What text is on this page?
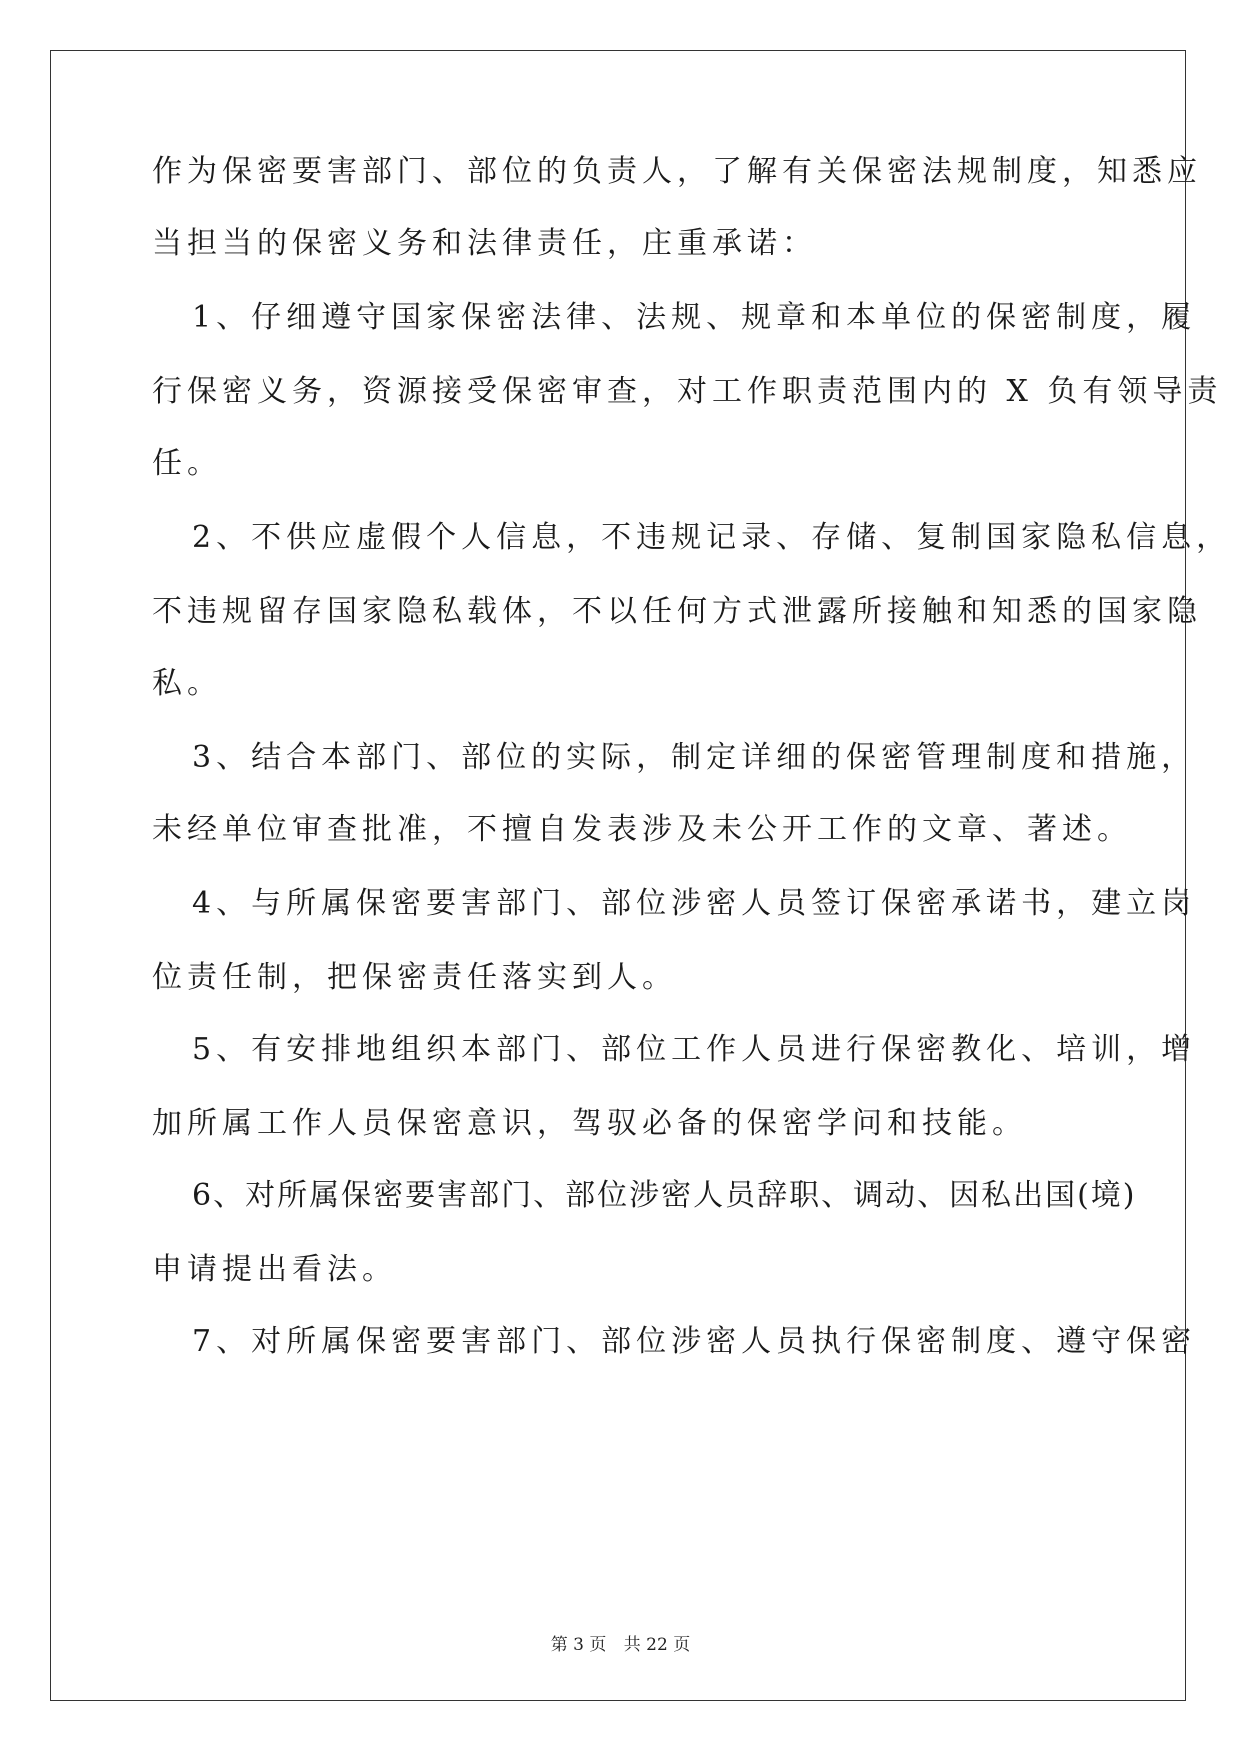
作为保密要害部门、部位的负责人，了解有关保密法规制度，知悉应
当担当的保密义务和法律责任，庄重承诺：
1、仔细遵守国家保密法律、法规、规章和本单位的保密制度，履
行保密义务，资源接受保密审查，对工作职责范围内的 X 负有领导责
任。
2、不供应虚假个人信息，不违规记录、存储、复制国家隐私信息，
不违规留存国家隐私载体，不以任何方式泄露所接触和知悉的国家隐
私。
3、结合本部门、部位的实际，制定详细的保密管理制度和措施，
未经单位审查批准，不擅自发表涉及未公开工作的文章、著述。
4、与所属保密要害部门、部位涉密人员签订保密承诺书，建立岗
位责任制，把保密责任落实到人。
5、有安排地组织本部门、部位工作人员进行保密教化、培训，增
加所属工作人员保密意识，驾驭必备的保密学问和技能。
6、对所属保密要害部门、部位涉密人员辞职、调动、因私出国(境)
申请提出看法。
7、对所属保密要害部门、部位涉密人员执行保密制度、遵守保密
第 3 页 共 22 页
